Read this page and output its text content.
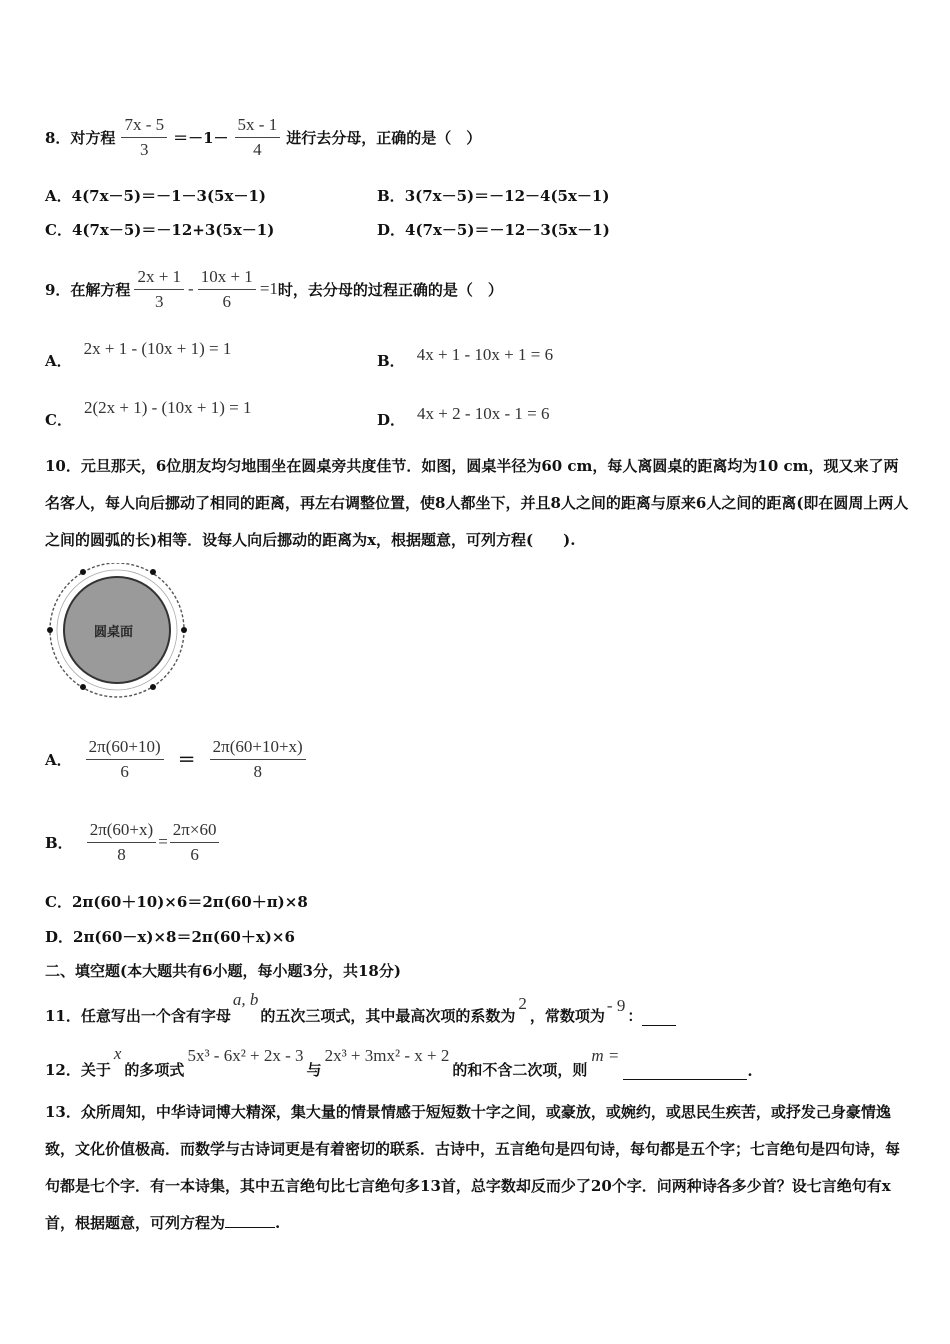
8．对方程 $\frac{7x - 5}{3} =-1- \frac{5x - 1}{4}$ 进行去分母，正确的是（　）
A．4(7x－5)＝－1－3(5x－1)	B．3(7x－5)＝－12－4(5x－1)
C．4(7x－5)＝－12+3(5x－1)	D．4(7x－5)＝－12－3(5x－1)
9．在解方程 $\frac{2x + 1}{3} - \frac{10x + 1}{6} =1$ 时，去分母的过程正确的是（　）
A．
2x + 1 - (10x + 1) = 1
B． 4x + 1 - 10x + 1 = 6
C．
2(2x + 1) - (10x + 1) = 1
D． 4x + 2 - 10x - 1 = 6
10．元旦那天，6位朋友均匀地围坐在圆桌旁共度佳节．如图，圆桌半径为60 cm，每人离圆桌的距离均为10 cm，现又来了两名客人，每人向后挪动了相同的距离，再左右调整位置，使8人都坐下，并且8人之间的距离与原来6人之间的距离(即在圆周上两人之间的圆弧的长)相等．设每人向后挪动的距离为x，根据题意，可列方程(　　).
圆桌面
A． $\frac{2\pi(60+10)}{6} = \frac{2\pi(60+10+x)}{8}$
B． $\frac{2\pi(60+x)}{8} = \frac{2\pi\times 60}{6}$
C．2π(60＋10)×6＝2π(60＋π)×8
D．2π(60－x)×8＝2π(60＋x)×6
二、填空题(本大题共有6小题，每小题3分，共18分)
11．任意写出一个含有字母
a, b
的五次三项式，其中最高次项的系数为
2
，常数项为
- 9
：
12．关于
x
的多项式
5x³ - 6x² + 2x - 3
与
2x³ + 3mx² - x + 2
的和不含二次项，则
m =
.
13．众所周知，中华诗词博大精深，集大量的情景情感于短短数十字之间，或豪放，或婉约，或思民生疾苦，或抒发己身豪情逸致，文化价值极高．而数学与古诗词更是有着密切的联系．古诗中，五言绝句是四句诗，每句都是五个字；七言绝句是四句诗，每句都是七个字．有一本诗集，其中五言绝句比七言绝句多13首，总字数却反而少了20个字．问两种诗各多少首？设七言绝句有x首，根据题意，可列方程为	.
